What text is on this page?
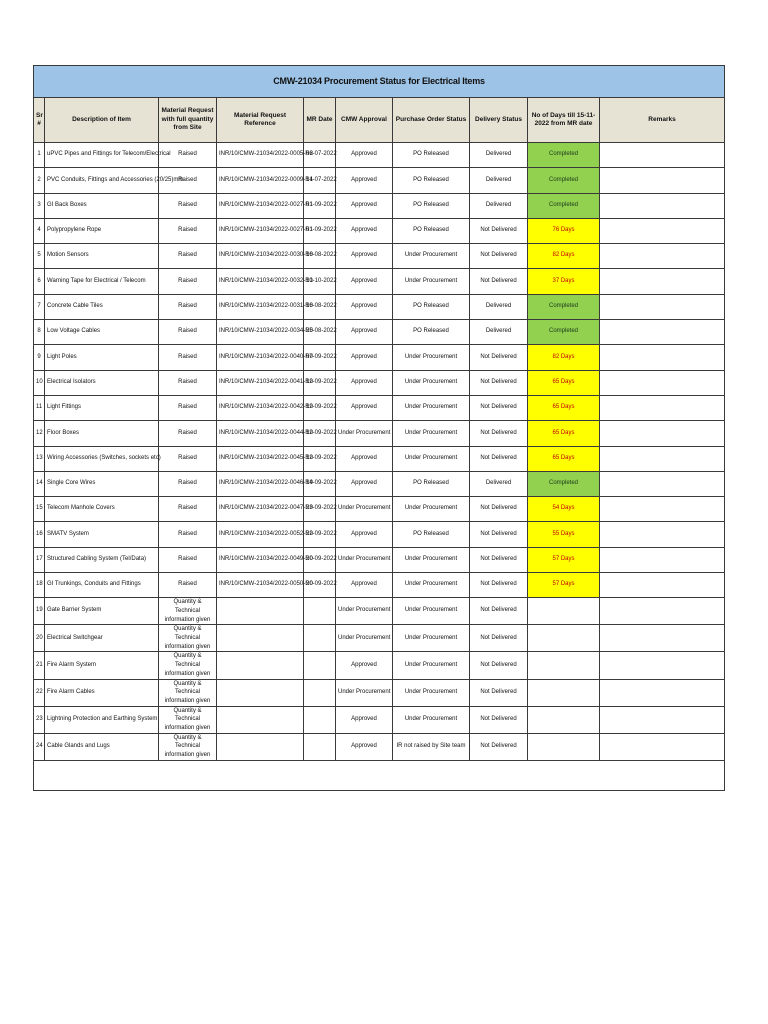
CMW-21034 Procurement Status for Electrical Items									
Sr #	Description of Item	Material Request with full quantity from Site	Material Request Reference	MR Date	CMW Approval	Purchase Order Status	Delivery Status	No of Days till 15-11-2022 from MR date	Remarks
1	uPVC Pipes and Fittings for Telecom/Electrical	Raised	INR/10/CMW-21034/2022-0005-R2	06-07-2022	Approved	PO Released	Delivered	Completed	
2	PVC Conduits, Fittings and Accessories (20/25)mm	Raised	INR/10/CMW-21034/2022-0009-R1	14-07-2022	Approved	PO Released	Delivered	Completed	
3	GI Back Boxes	Raised	INR/10/CMW-21034/2022-0027-R1	01-09-2022	Approved	PO Released	Delivered	Completed	
4	Polypropylene Rope	Raised	INR/10/CMW-21034/2022-0027-R1	01-09-2022	Approved	PO Released	Not Delivered	76 Days	
5	Motion Sensors	Raised	INR/10/CMW-21034/2022-0030-R0	16-08-2022	Approved	Under Procurement	Not Delivered	82 Days	
6	Warning Tape for Electrical / Telecom	Raised	INR/10/CMW-21034/2022-0032-R1	10-10-2022	Approved	Under Procurement	Not Delivered	37 Days	
7	Concrete Cable Tiles	Raised	INR/10/CMW-21034/2022-0031-R0	16-08-2022	Approved	PO Released	Delivered	Completed	
8	Low Voltage Cables	Raised	INR/10/CMW-21034/2022-0034-R0	25-08-2022	Approved	PO Released	Delivered	Completed	
9	Light Poles	Raised	INR/10/CMW-21034/2022-0040-R0	07-09-2022	Approved	Under Procurement	Not Delivered	82 Days	
10	Electrical Isolators	Raised	INR/10/CMW-21034/2022-0041-R0	12-09-2022	Approved	Under Procurement	Not Delivered	65 Days	
11	Light Fittings	Raised	INR/10/CMW-21034/2022-0042-R0	12-09-2022	Approved	Under Procurement	Not Delivered	65 Days	
12	Floor Boxes	Raised	INR/10/CMW-21034/2022-0044-R0	12-09-2022	Under Procurement	Under Procurement	Not Delivered	65 Days	
13	Wiring Accessories (Switches, sockets etc)	Raised	INR/10/CMW-21034/2022-0045-R0	12-09-2022	Approved	Under Procurement	Not Delivered	65 Days	
14	Single Core Wires	Raised	INR/10/CMW-21034/2022-0046-R0	14-09-2022	Approved	PO Released	Delivered	Completed	
15	Telecom Manhole Covers	Raised	INR/10/CMW-21034/2022-0047-R0	23-09-2022	Under Procurement	Under Procurement	Not Delivered	54 Days	
16	SMATV System	Raised	INR/10/CMW-21034/2022-0052-R0	22-09-2022	Approved	PO Released	Not Delivered	55 Days	
17	Structured Cabling System (Tel/Data)	Raised	INR/10/CMW-21034/2022-0049-R0	20-09-2022	Under Procurement	Under Procurement	Not Delivered	57 Days	
18	GI Trunkings, Conduits and Fittings	Raised	INR/10/CMW-21034/2022-0050-R0	20-09-2022	Approved	Under Procurement	Not Delivered	57 Days	
19	Gate Barrier System	Quantity & Technical information given			Under Procurement	Under Procurement	Not Delivered		
20	Electrical Switchgear	Quantity & Technical information given			Under Procurement	Under Procurement	Not Delivered		
21	Fire Alarm System	Quantity & Technical information given			Approved	Under Procurement	Not Delivered		
22	Fire Alarm Cables	Quantity & Technical information given			Under Procurement	Under Procurement	Not Delivered		
23	Lightning Protection and Earthing System	Quantity & Technical information given			Approved	Under Procurement	Not Delivered		
24	Cable Glands and Lugs	Quantity & Technical information given			Approved	IR not raised by Site team	Not Delivered		
